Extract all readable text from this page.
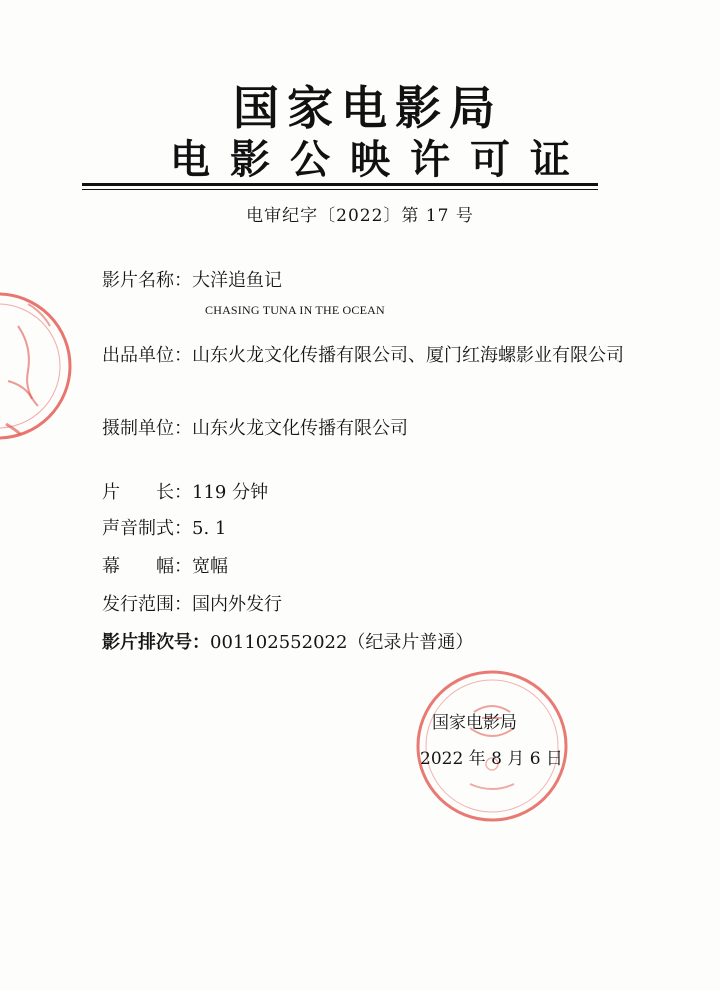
国家电影局
电影公映许可证
电审纪字〔2022〕第 17 号
影片名称：大洋追鱼记
CHASING TUNA IN THE OCEAN
出品单位：山东火龙文化传播有限公司、厦门红海螺影业有限公司
摄制单位：山东火龙文化传播有限公司
片　　长：119 分钟
声音制式：5. 1
幕　　幅：宽幅
发行范围：国内外发行
影片排次号：001102552022（纪录片普通）
国家电影局
2022 年 8 月 6 日
